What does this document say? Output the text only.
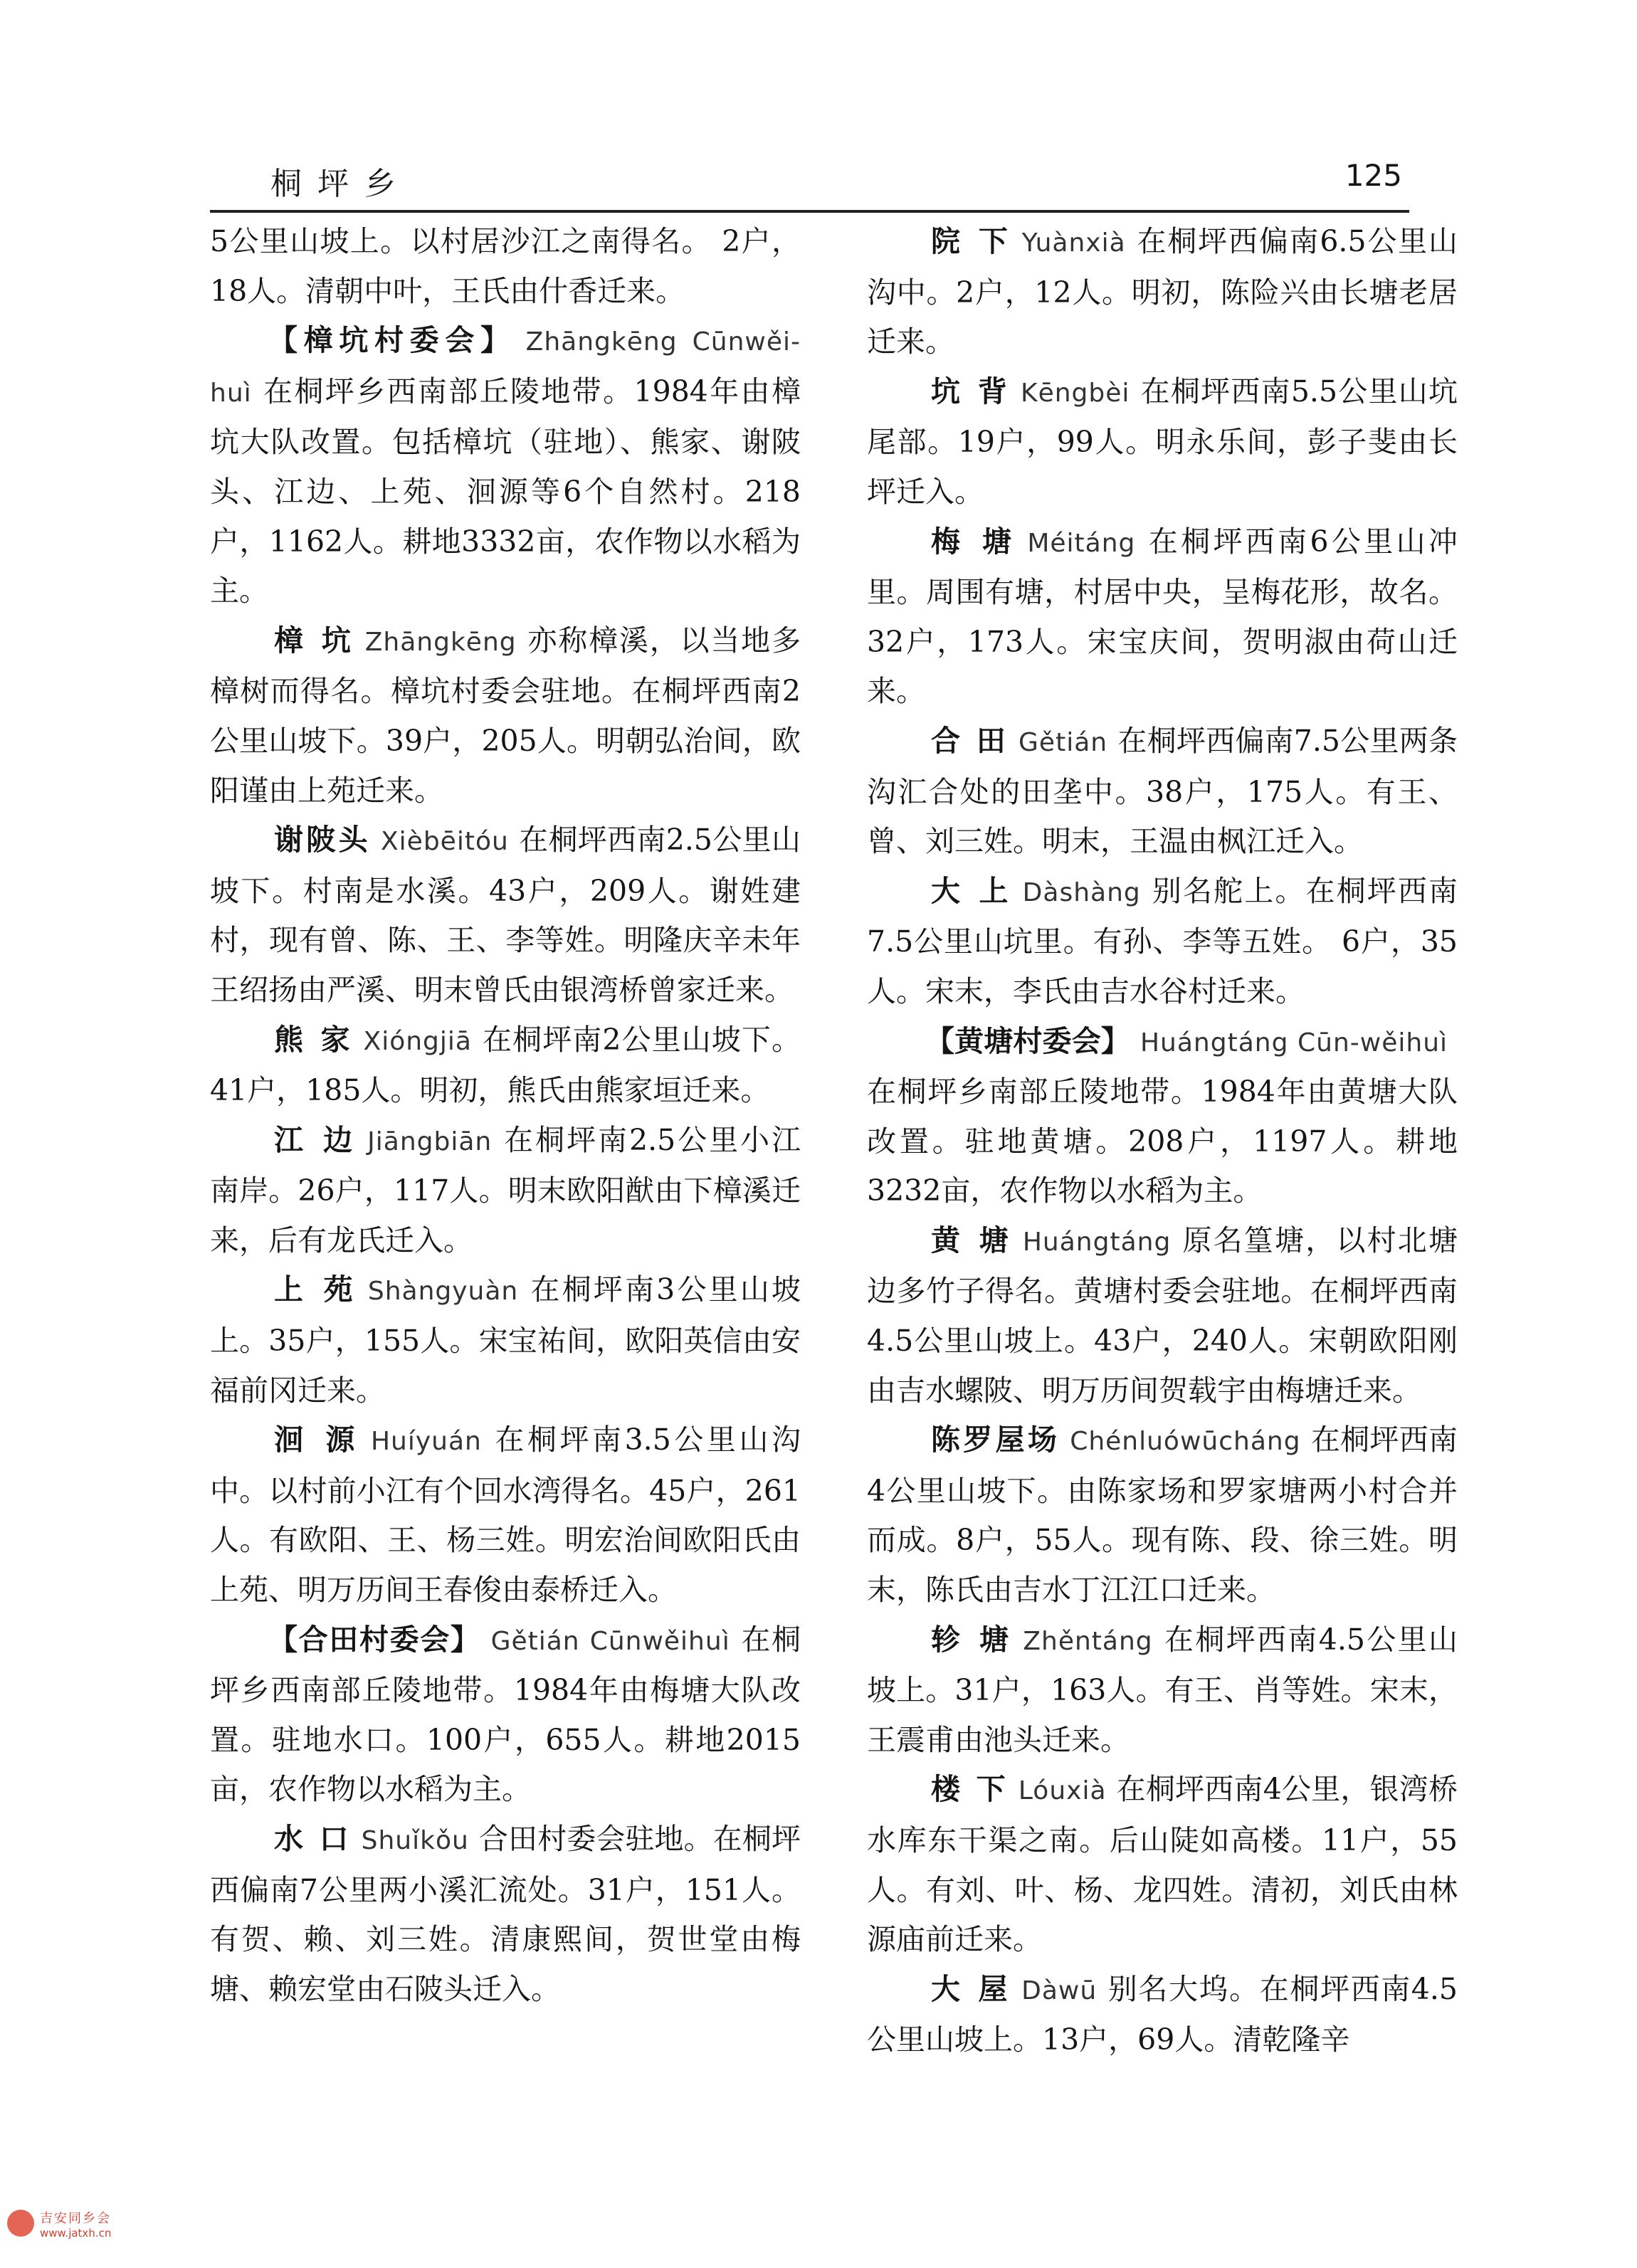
桐坪乡	125

5公里山坡上。以村居沙江之南得名。 2户，18人。清朝中叶，王氏由什香迁来。

【樟坑村委会】 Zhāngkēng Cūnwěi-huì 在桐坪乡西南部丘陵地带。1984年由樟坑大队改置。包括樟坑（驻地）、熊家、谢陂头、江边、上苑、洄源等6个自然村。218户，1162人。耕地3332亩，农作物以水稻为主。

樟 坑 Zhāngkēng 亦称樟溪，以当地多樟树而得名。樟坑村委会驻地。在桐坪西南2公里山坡下。39户，205人。明朝弘治间，欧阳谨由上苑迁来。

谢陂头 Xièbēitóu 在桐坪西南2.5公里山坡下。村南是水溪。43户，209人。谢姓建村，现有曾、陈、王、李等姓。明隆庆辛未年王绍扬由严溪、明末曾氏由银湾桥曾家迁来。

熊 家 Xióngjiā 在桐坪南2公里山坡下。41户，185人。明初，熊氏由熊家垣迁来。

江 边 Jiāngbiān 在桐坪南2.5公里小江南岸。26户，117人。明末欧阳猷由下樟溪迁来，后有龙氏迁入。

上 苑 Shàngyuàn 在桐坪南3公里山坡上。35户，155人。宋宝祐间，欧阳英信由安福前冈迁来。

洄 源 Huíyuán 在桐坪南3.5公里山沟中。以村前小江有个回水湾得名。45户，261人。有欧阳、王、杨三姓。明宏治间欧阳氏由上苑、明万历间王春俊由泰桥迁入。

【合田村委会】 Gětián Cūnwěihuì 在桐坪乡西南部丘陵地带。1984年由梅塘大队改置。驻地水口。100户，655人。耕地2015亩，农作物以水稻为主。

水 口 Shuǐkǒu 合田村委会驻地。在桐坪西偏南7公里两小溪汇流处。31户，151人。有贺、赖、刘三姓。清康熙间，贺世堂由梅塘、赖宏堂由石陂头迁入。

院 下 Yuànxià 在桐坪西偏南6.5公里山沟中。2户，12人。明初，陈险兴由长塘老居迁来。

坑 背 Kēngbèi 在桐坪西南5.5公里山坑尾部。19户，99人。明永乐间，彭子斐由长坪迁入。

梅 塘 Méitáng 在桐坪西南6公里山冲里。周围有塘，村居中央，呈梅花形，故名。32户，173人。宋宝庆间，贺明淑由荷山迁来。

合 田 Gětián 在桐坪西偏南7.5公里两条沟汇合处的田垄中。38户，175人。有王、曾、刘三姓。明末，王温由枫江迁入。

大 上 Dàshàng 别名舵上。在桐坪西南7.5公里山坑里。有孙、李等五姓。 6户，35人。宋末，李氏由吉水谷村迁来。

【黄塘村委会】 Huángtáng Cūn-wěihuì在桐坪乡南部丘陵地带。1984年由黄塘大队改置。驻地黄塘。208户，1197人。耕地3232亩，农作物以水稻为主。

黄 塘 Huángtáng 原名篁塘，以村北塘边多竹子得名。黄塘村委会驻地。在桐坪西南4.5公里山坡上。43户，240人。宋朝欧阳刚由吉水螺陂、明万历间贺载宇由梅塘迁来。

陈罗屋场 Chénluówūcháng 在桐坪西南4公里山坡下。由陈家场和罗家塘两小村合并而成。8户，55人。现有陈、段、徐三姓。明末，陈氏由吉水丁江江口迁来。

轸 塘 Zhěntáng 在桐坪西南4.5公里山坡上。31户，163人。有王、肖等姓。宋末，王震甫由池头迁来。

楼 下 Lóuxià 在桐坪西南4公里，银湾桥水库东干渠之南。后山陡如高楼。11户，55人。有刘、叶、杨、龙四姓。清初，刘氏由林源庙前迁来。

大 屋 Dàwū 别名大坞。在桐坪西南4.5公里山坡上。13户，69人。清乾隆辛

吉安同乡会
www.jatxh.cn
